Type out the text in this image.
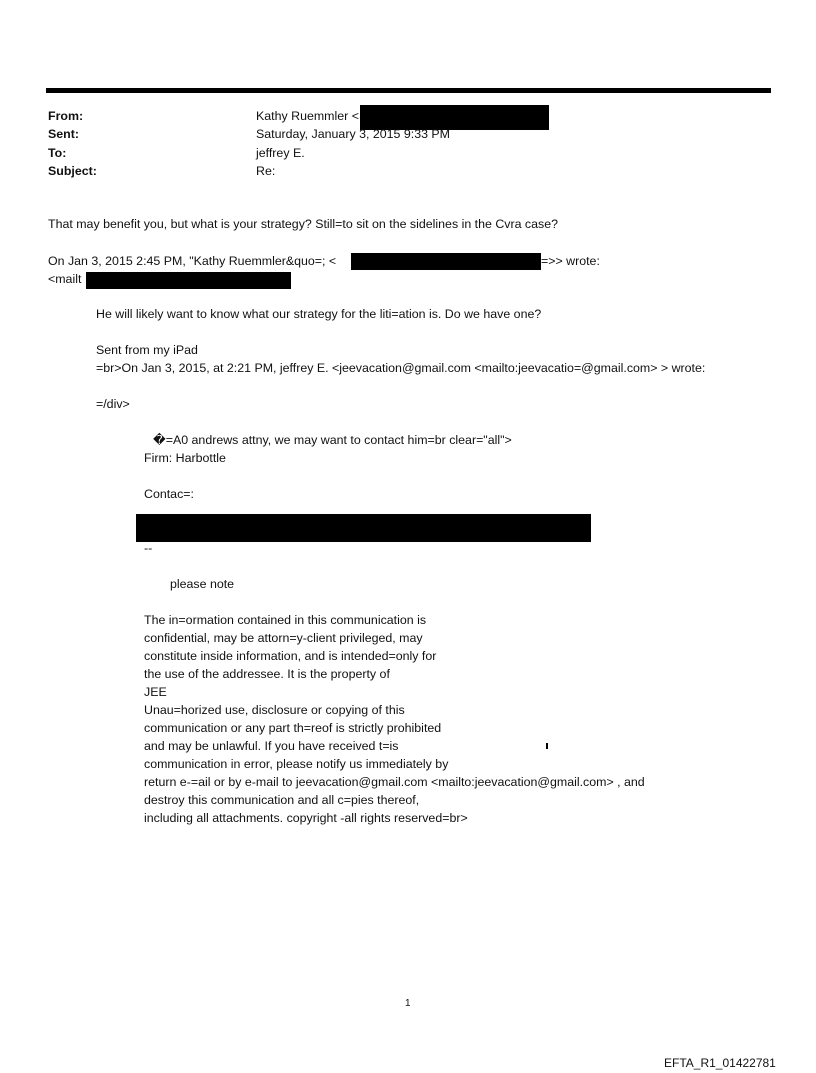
From:	Kathy Ruemmler <
Sent:	Saturday, January 3, 2015 9:33 PM
To:	jeffrey E.
Subject:	Re:
That may benefit you, but what is your strategy? Still=to sit on the sidelines in the Cvra case?
On Jan 3, 2015 2:45 PM, "Kathy Ruemmler&quo=; <	=>> wrote:
<mailt
He will likely want to know what our strategy for the liti=ation is. Do we have one?
Sent from my iPad
=br>On Jan 3, 2015, at 2:21 PM, jeffrey E. <jeevacation@gmail.com <mailto:jeevacatio=@gmail.com> > wrote:
=/div>
�=A0 andrews attny, we may want to contact him=br clear="all">
Firm: Harbottle
Contac=:
--
please note
The in=ormation contained in this communication is
confidential, may be attorn=y-client privileged, may
constitute inside information, and is intended=only for
the use of the addressee. It is the property of
JEE
Unau=horized use, disclosure or copying of this
communication or any part th=reof is strictly prohibited
and may be unlawful. If you have received t=is
communication in error, please notify us immediately by
return e-=ail or by e-mail to jeevacation@gmail.com <mailto:jeevacation@gmail.com> , and
destroy this communication and all c=pies thereof,
including all attachments. copyright -all rights reserved=br>
1
EFTA_R1_01422781
